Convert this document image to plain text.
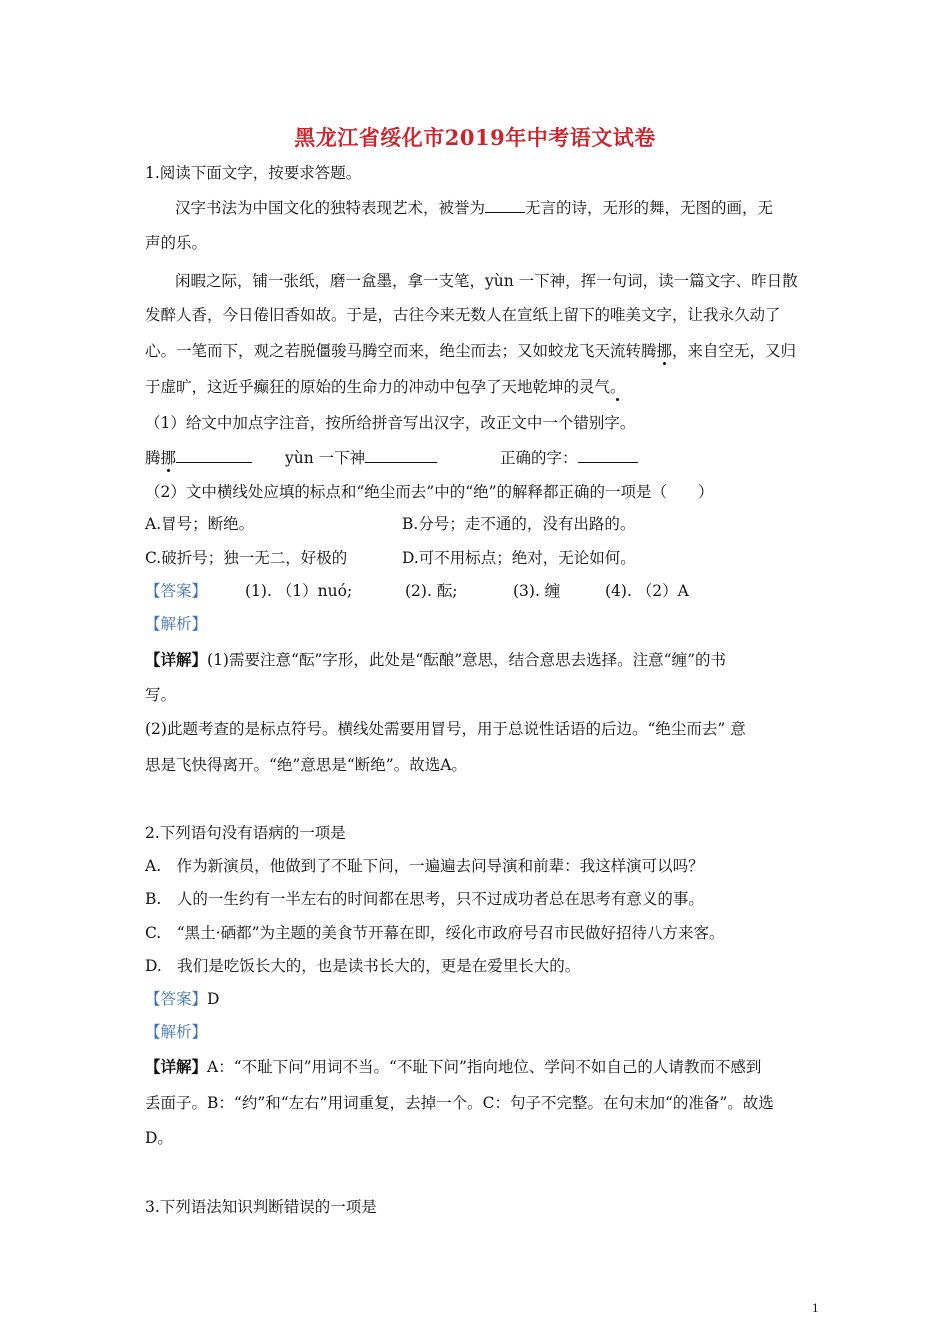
黑龙江省绥化市2019年中考语文试卷
1.阅读下面文字，按要求答题。
汉字书法为中国文化的独特表现艺术，被誉为	无言的诗，无形的舞，无图的画，无
声的乐。
闲暇之际，铺一张纸，磨一盒墨，拿一支笔，yùn 一下神，挥一句词，读一篇文字、昨日散
发醉人香，今日倦旧香如故。于是，古往今来无数人在宣纸上留下的唯美文字，让我永久动了
心。一笔而下，观之若脱僵骏马腾空而来，绝尘而去；又如蛟龙飞天流转腾挪，来自空无，又归
于虚旷，这近乎癫狂的原始的生命力的冲动中包孕了天地乾坤的灵气。
（1）给文中加点字注音，按所给拼音写出汉字，改正文中一个错别字。
腾挪	yùn 一下神	正确的字：
（2）文中横线处应填的标点和“绝尘而去”中的“绝”的解释都正确的一项是（　　）
A.冒号；断绝。	B.分号；走不通的，没有出路的。
C.破折号；独一无二，好极的	D.可不用标点；绝对，无论如何。
【答案】 (1). （1）nuó;	(2). 酝;	(3). 缠	(4). （2）A
【解析】
【详解】(1)需要注意“酝”字形，此处是“酝酿”意思，结合意思去选择。注意“缠”的书
写。
(2)此题考查的是标点符号。横线处需要用冒号，用于总说性话语的后边。“绝尘而去” 意
思是飞快得离开。“绝”意思是“断绝”。故选A。
2.下列语句没有语病的一项是
A.　作为新演员，他做到了不耻下问，一遍遍去问导演和前辈：我这样演可以吗？
B.　人的一生约有一半左右的时间都在思考，只不过成功者总在思考有意义的事。
C.　“黑土·硒都”为主题的美食节开幕在即，绥化市政府号召市民做好招待八方来客。
D.　我们是吃饭长大的，也是读书长大的，更是在爱里长大的。
【答案】D
【解析】
【详解】A：“不耻下问”用词不当。“不耻下问”指向地位、学问不如自己的人请教而不感到
丢面子。B：“约”和“左右”用词重复，去掉一个。C：句子不完整。在句末加“的准备”。故选
D。
3.下列语法知识判断错误的一项是
1
